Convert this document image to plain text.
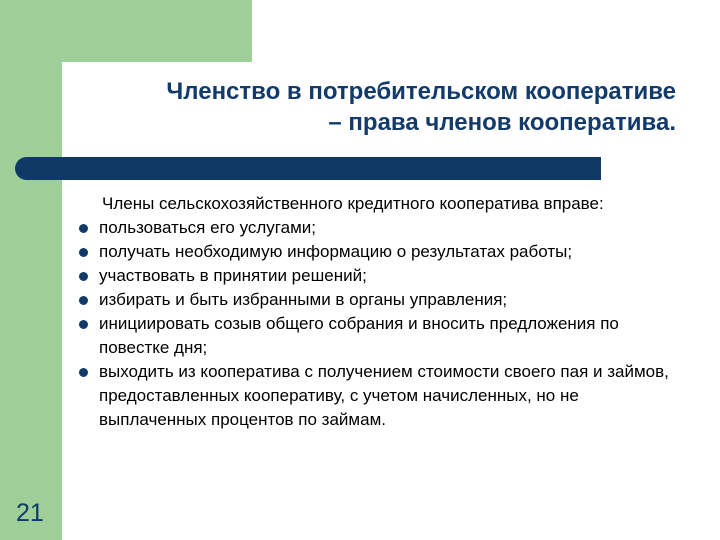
Членство в потребительском кооперативе
– права членов кооператива.
Члены сельскохозяйственного кредитного кооператива вправе:
пользоваться его услугами;
получать необходимую информацию о результатах работы;
участвовать в принятии решений;
избирать и быть избранными в органы управления;
инициировать созыв общего собрания и вносить предложения по повестке дня;
выходить из кооператива с получением стоимости своего пая и займов, предоставленных кооперативу, с учетом начисленных, но не выплаченных процентов по займам.
21
